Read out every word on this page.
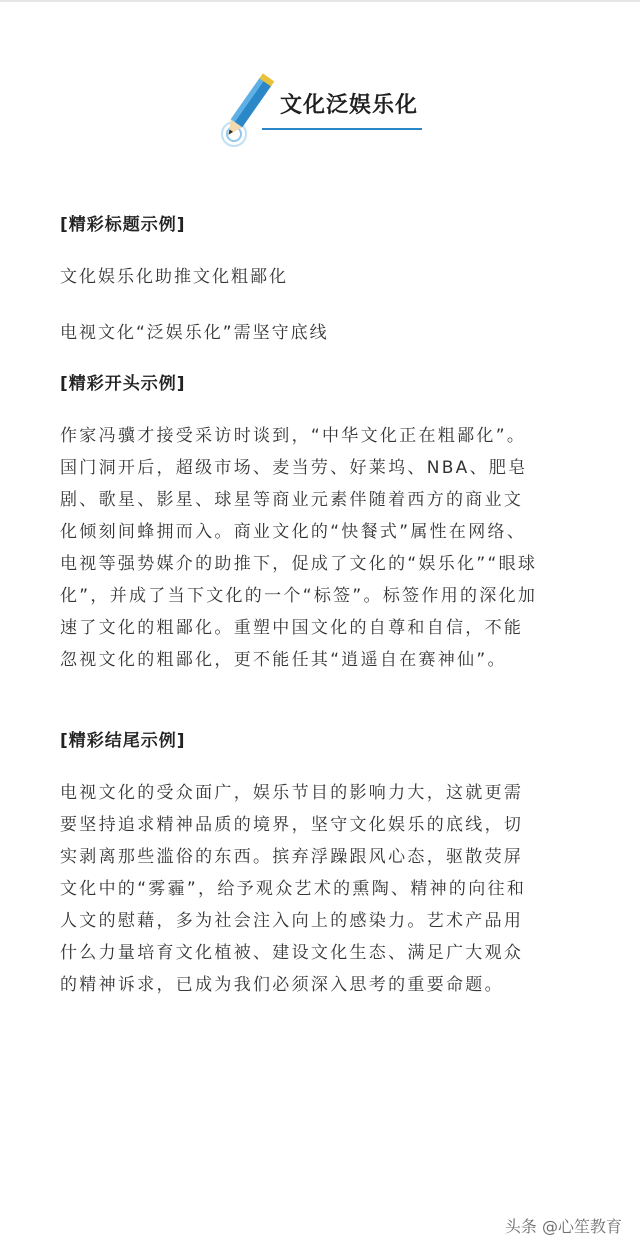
文化泛娱乐化
[精彩标题示例]
文化娱乐化助推文化粗鄙化
电视文化“泛娱乐化”需坚守底线
[精彩开头示例]
作家冯骥才接受采访时谈到，“中华文化正在粗鄙化”。
国门洞开后，超级市场、麦当劳、好莱坞、NBA、肥皂
剧、歌星、影星、球星等商业元素伴随着西方的商业文
化倾刻间蜂拥而入。商业文化的“快餐式”属性在网络、
电视等强势媒介的助推下，促成了文化的“娱乐化”“眼球
化”，并成了当下文化的一个“标签”。标签作用的深化加
速了文化的粗鄙化。重塑中国文化的自尊和自信，不能
忽视文化的粗鄙化，更不能任其“逍遥自在赛神仙”。
[精彩结尾示例]
电视文化的受众面广，娱乐节目的影响力大，这就更需
要坚持追求精神品质的境界，坚守文化娱乐的底线，切
实剥离那些滥俗的东西。摈弃浮躁跟风心态，驱散荧屏
文化中的“雾霾”，给予观众艺术的熏陶、精神的向往和
人文的慰藉，多为社会注入向上的感染力。艺术产品用
什么力量培育文化植被、建设文化生态、满足广大观众
的精神诉求，已成为我们必须深入思考的重要命题。
头条 @心笙教育
